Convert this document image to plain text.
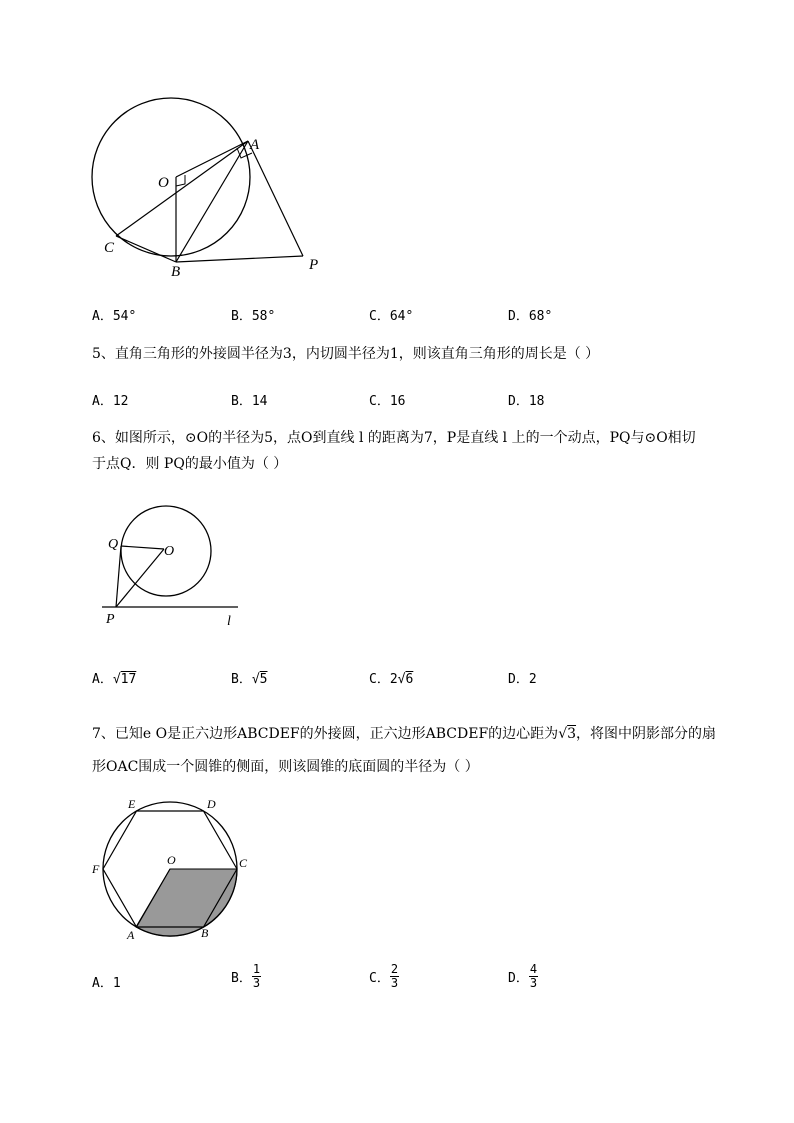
A
O
C
B	P
A．54°	B．58°	C．64°	D．68°
5、直角三角形的外接圆半径为3，内切圆半径为1，则该直角三角形的周长是（ ）
A．12	B．14	C．16	D．18
6、如图所示，⊙O的半径为5，点O到直线 l 的距离为7，P是直线 l 上的一个动点，PQ与⊙O相切
于点Q．则 PQ的最小值为（ ）
Q	O
P	l
A．√17	B．√5	C．2√6	D．2
7、已知e O是正六边形ABCDEF的外接圆，正六边形ABCDEF的边心距为√3，将图中阴影部分的扇
形OAC围成一个圆锥的侧面，则该圆锥的底面圆的半径为（ ）
E	D
F
O	C
A	B
A．1	B． $\frac{1}{3}$	C． $\frac{2}{3}$	D． $\frac{4}{3}$
